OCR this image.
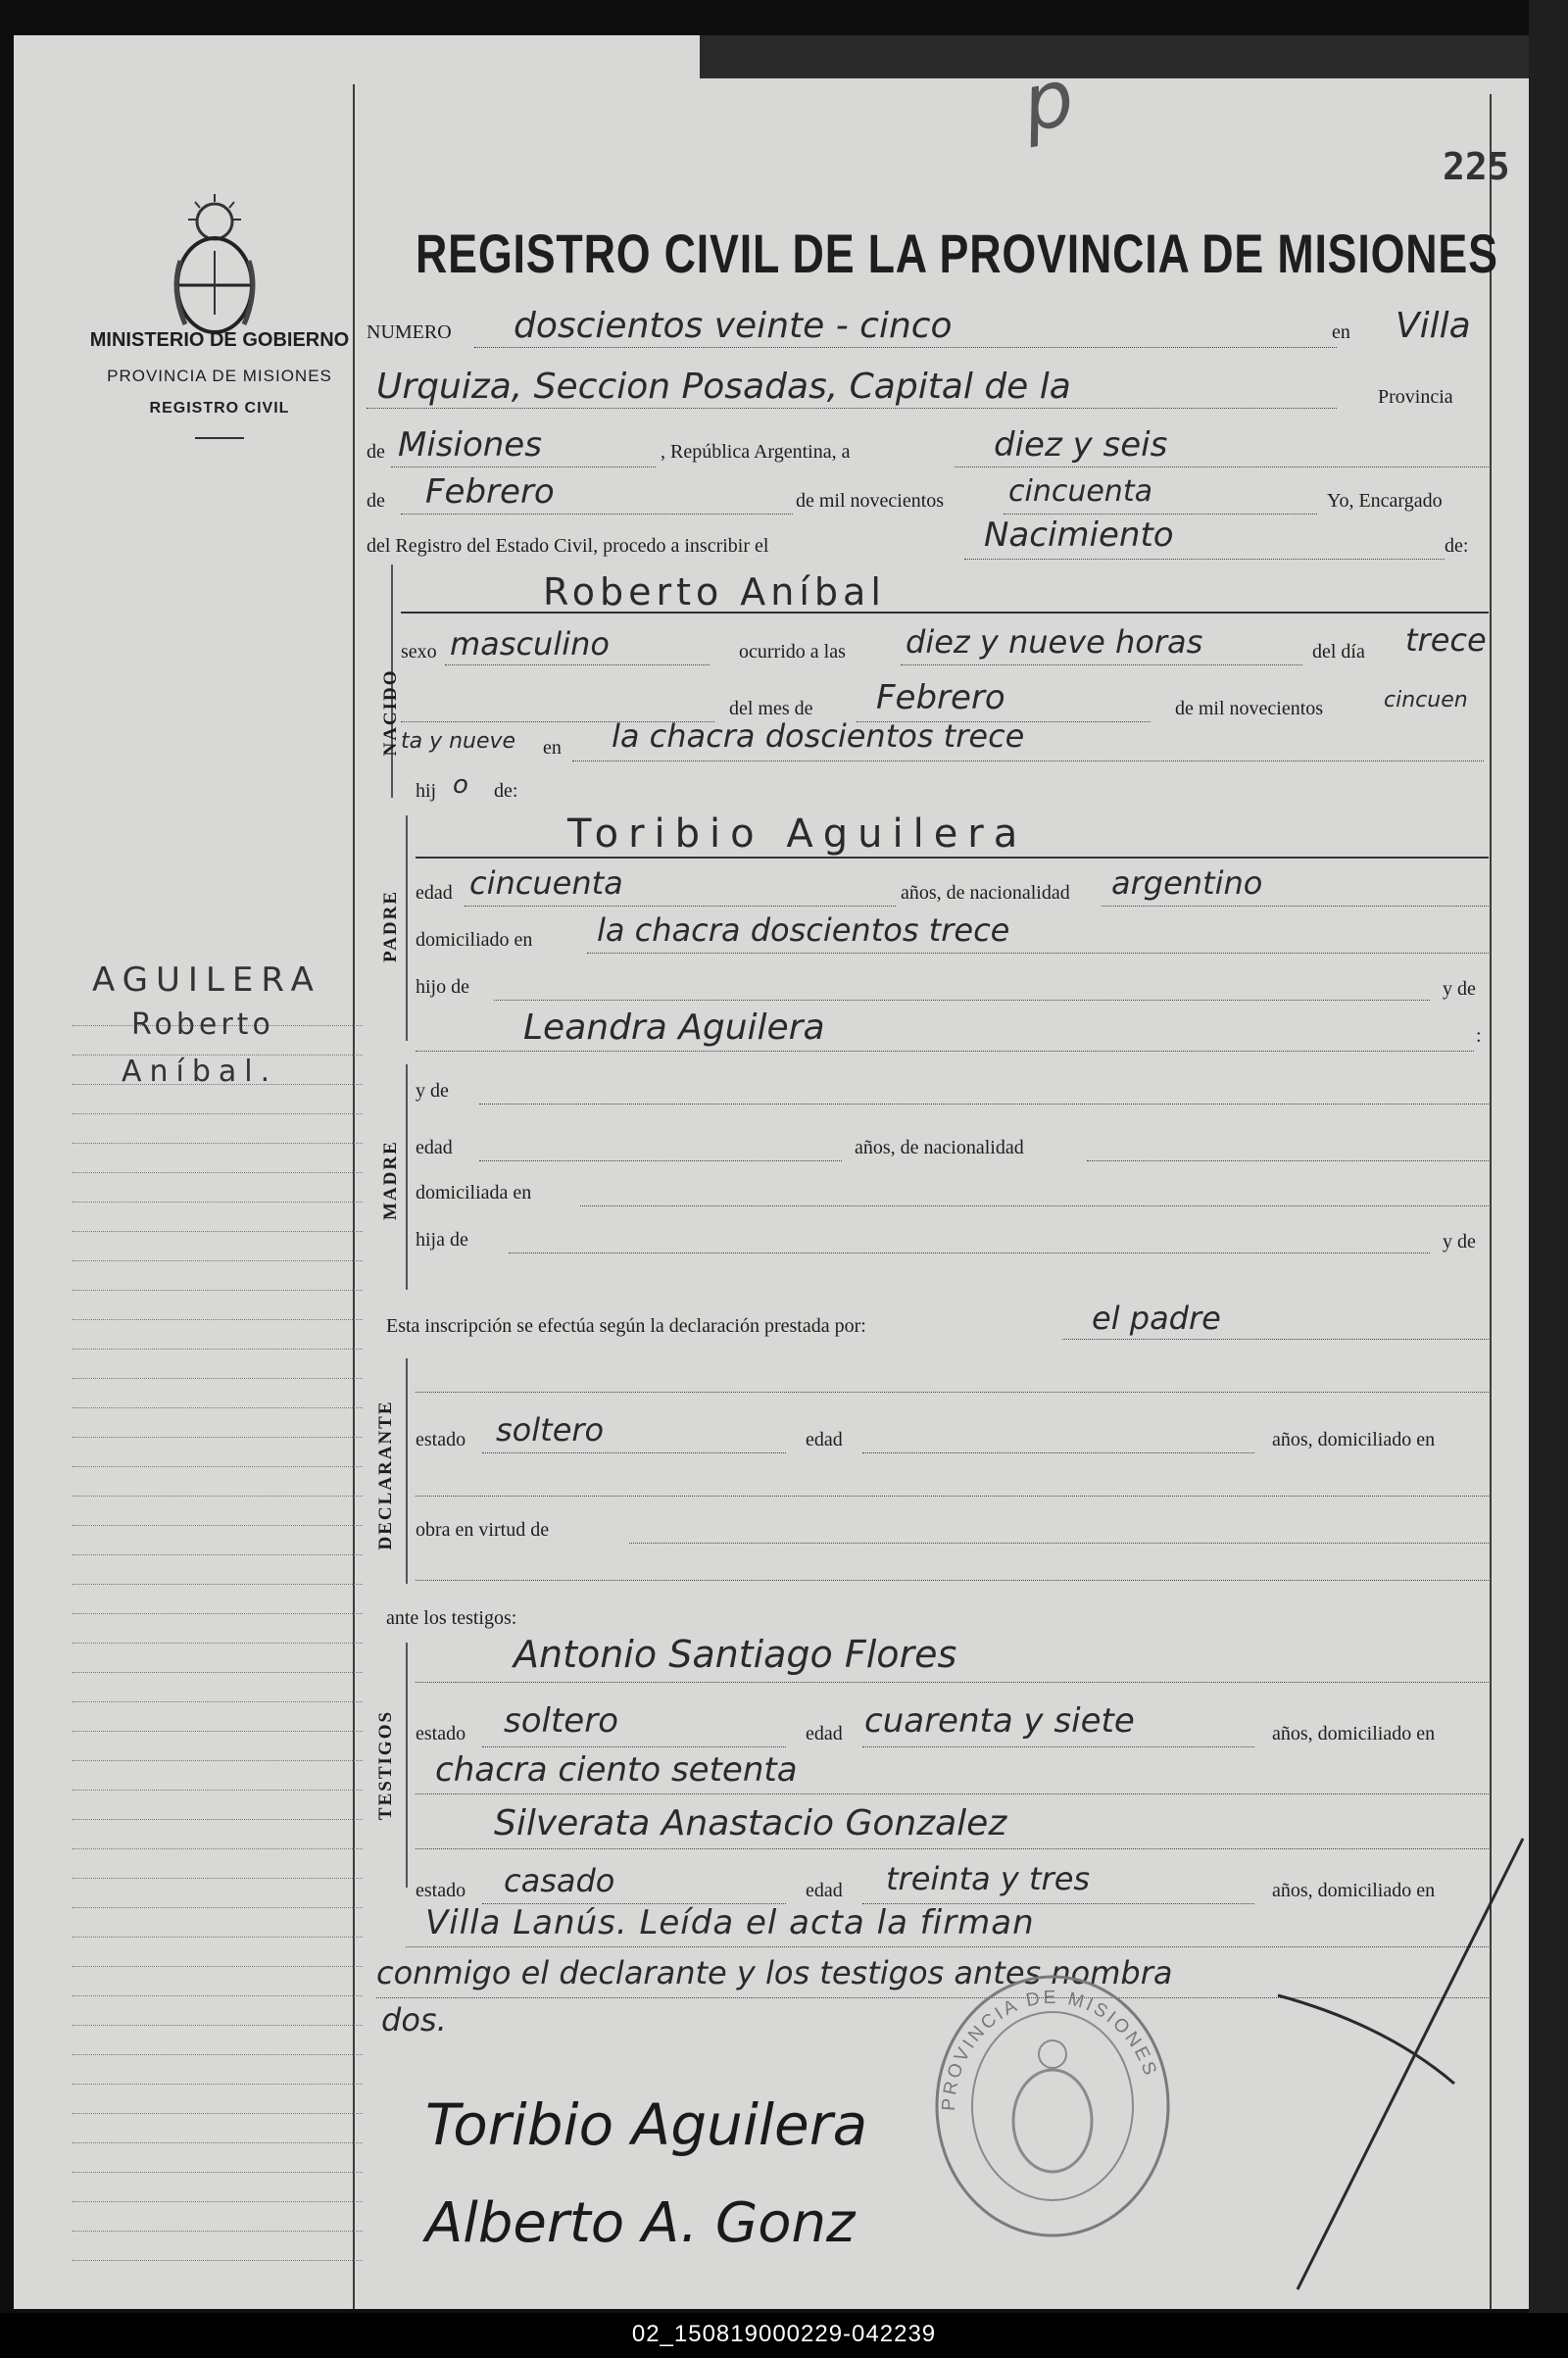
p
225
MINISTERIO DE GOBIERNO
PROVINCIA DE MISIONES
REGISTRO CIVIL
REGISTRO CIVIL DE LA PROVINCIA DE MISIONES
AGUILERA
Roberto
Aníbal.
NUMERO doscientos veinte - cinco	en Villa
Urquiza, Seccion Posadas, Capital de la	Provincia
de Misiones	, República Argentina, a	diez y seis
de Febrero	de mil novecientos cincuenta	Yo, Encargado
del Registro del Estado Civil, procedo a inscribir el	Nacimiento	de:
NACIDO
Roberto Aníbal
sexo masculino	ocurrido a las diez y nueve horas	del día trece
del mes de Febrero	de mil novecientos	cincuen
ta y nueve en la chacra doscientos trece
hij o de:
PADRE
Toribio Aguilera
edad cincuenta	años, de nacionalidad argentino
domiciliado en la chacra doscientos trece
hijo de	y de
Leandra Aguilera	:
MADRE
y de
edad	años, de nacionalidad
domiciliada en
hija de	y de
Esta inscripción se efectúa según la declaración prestada por:	el padre
DECLARANTE estado soltero	edad	años, domiciliado en
obra en virtud de
ante los testigos:
TESTIGOS
Antonio Santiago Flores
estado soltero	edad cuarenta y siete	años, domiciliado en
chacra ciento setenta
Silverata Anastacio Gonzalez
estado casado	edad treinta y tres	años, domiciliado en
Villa Lanús. Leída el acta la firman
conmigo el declarante y los testigos antes nombra
dos.
PROVINCIA DE MISIONES
Toribio Aguilera
Alberto A. Gonz
02_150819000229-042239
